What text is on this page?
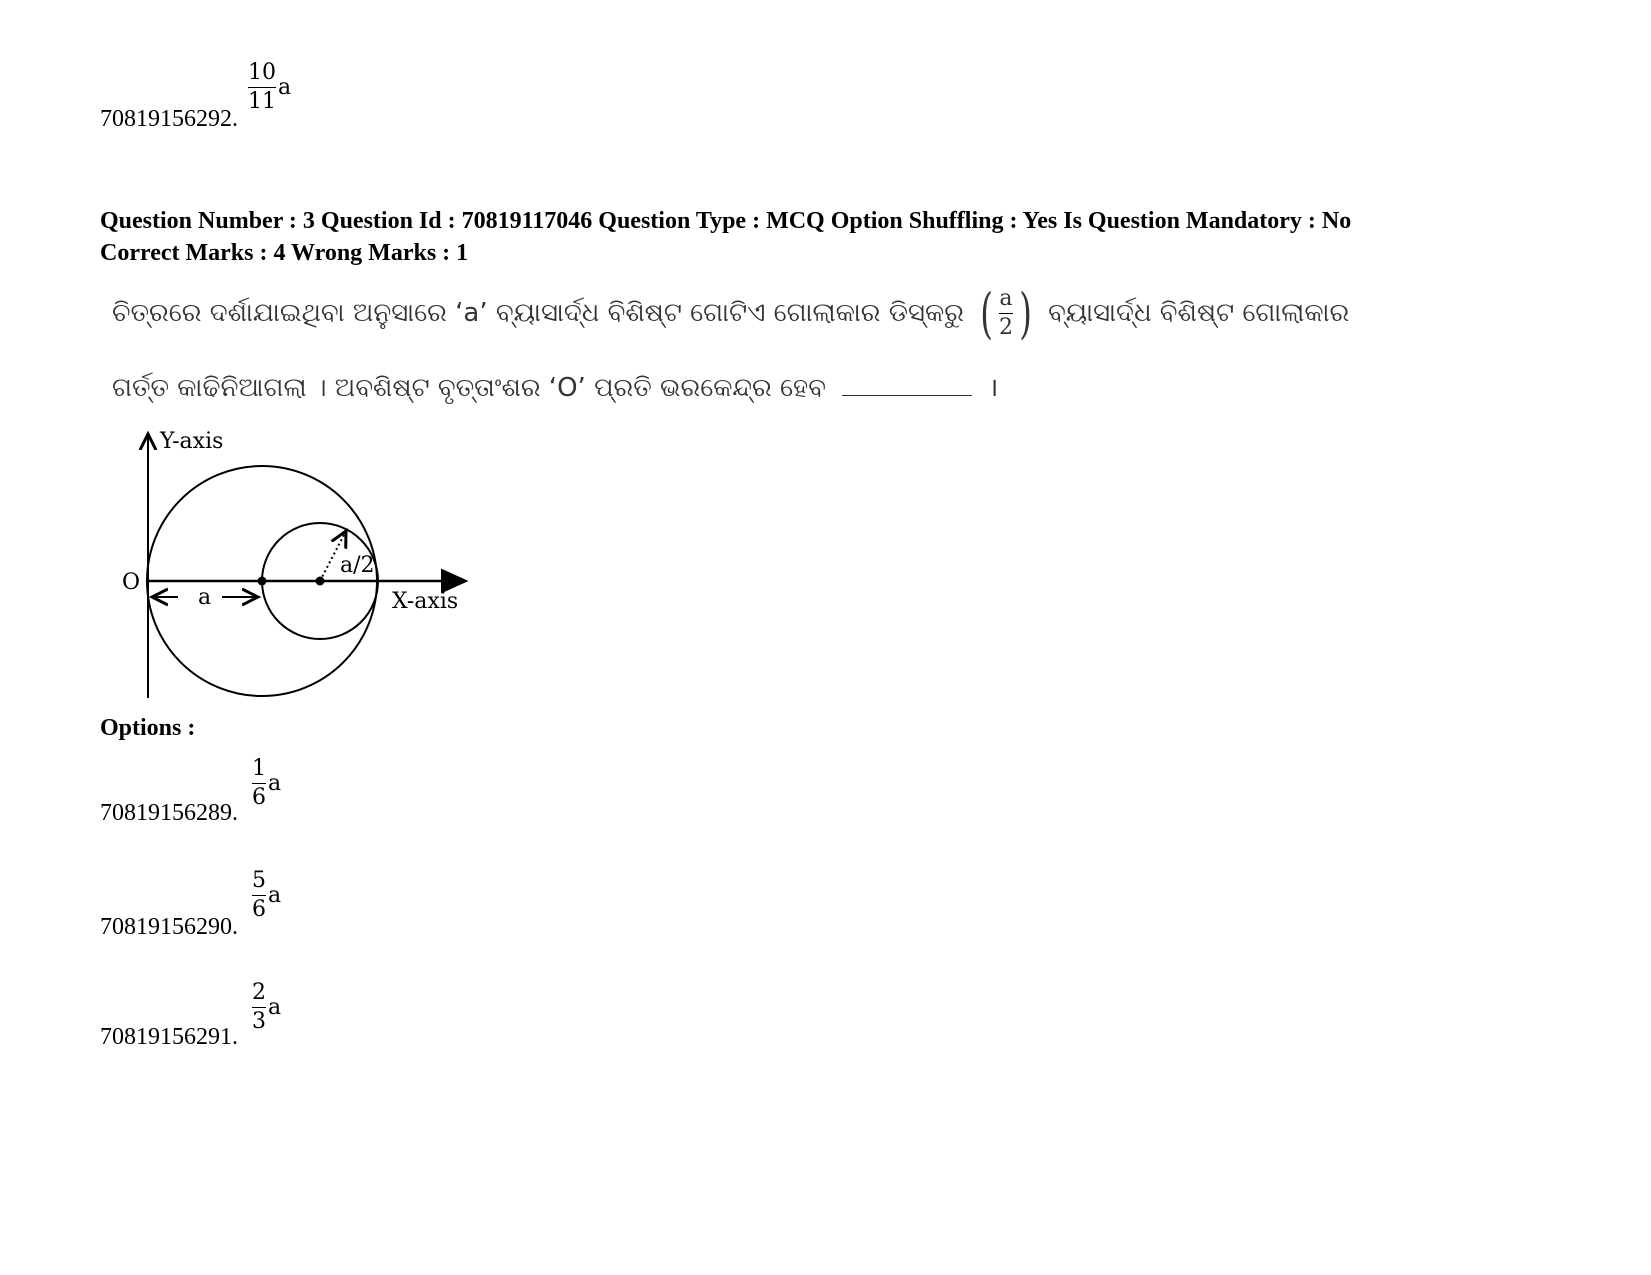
70819156292.
10
11
a
Question Number : 3 Question Id : 70819117046 Question Type : MCQ Option Shuffling : Yes Is Question Mandatory : No
Correct Marks : 4 Wrong Marks : 1
ଚିତ୍ରରେ ଦର୍ଶାଯାଇଥିବା ଅନୁସାରେ ‘a’ ବ୍ୟାସାର୍ଦ୍ଧ ବିଶିଷ୍ଟ ଗୋଟିଏ ଗୋଲାକାର ଡିସ୍କରୁ ( a
2 ) ବ୍ୟାସାର୍ଦ୍ଧ ବିଶିଷ୍ଟ ଗୋଲାକାର
ଗର୍ତ୍ତ କାଢିନିଆଗଲା । ଅବଶିଷ୍ଟ ବୃତ୍ତାଂଶର ‘O’ ପ୍ରତି ଭରକେନ୍ଦ୍ର ହେବ	।
Y-axis
X-axis
O
a
a/2
Options :
70819156289.
1
6
a
70819156290.
5
6
a
70819156291.
2
3
a
